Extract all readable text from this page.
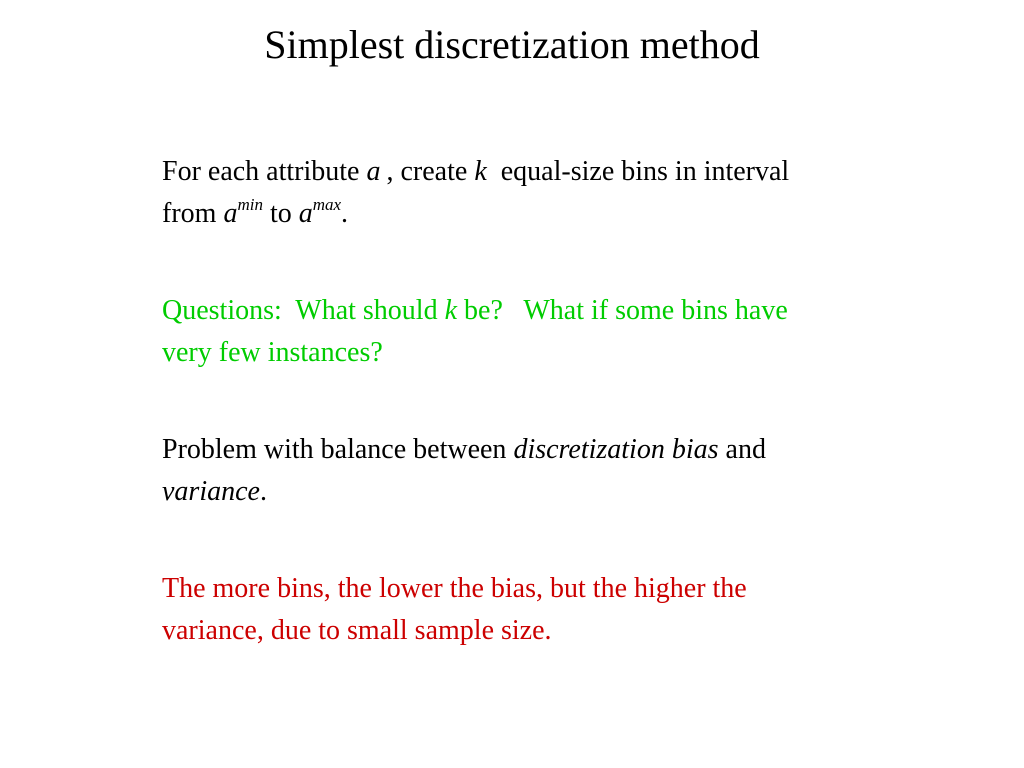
Simplest discretization method
For each attribute a , create k equal-size bins in interval
from $a^{min}$ to $a^{max}$.
Questions:  What should k be?   What if some bins have
very few instances?
Problem with balance between discretization bias and
variance.
The more bins, the lower the bias, but the higher the
variance, due to small sample size.
